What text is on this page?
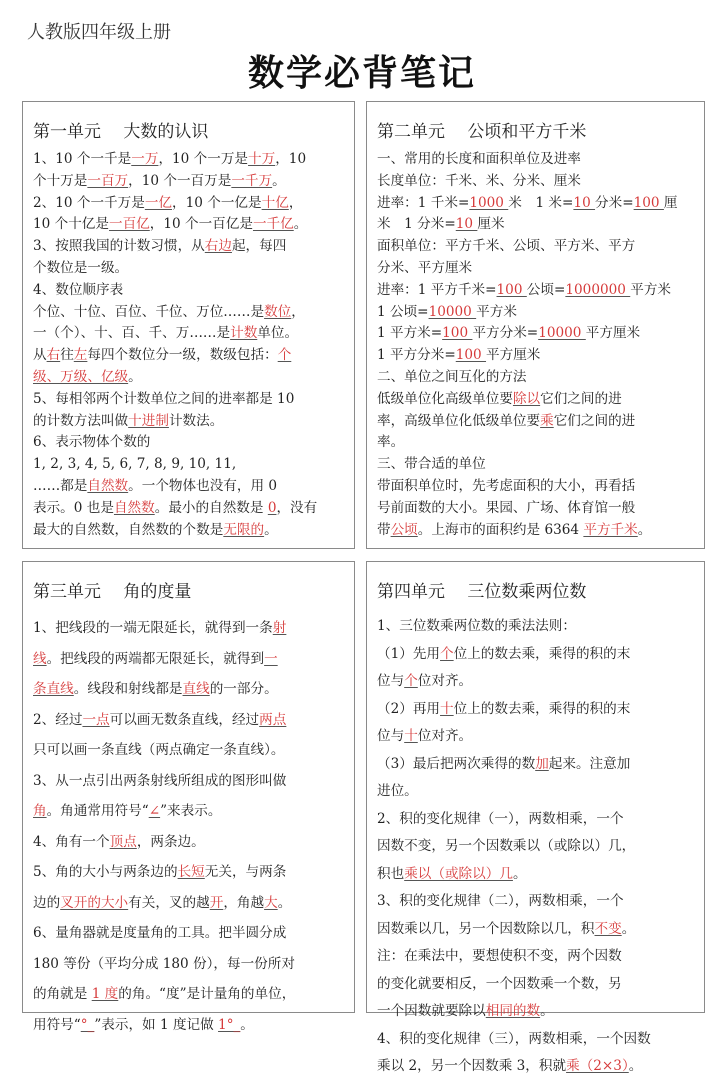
人教版四年级上册
数学必背笔记
第一单元　 大数的认识
1、10 个一千是一万，10 个一万是十万，10
个十万是一百万，10 个一百万是一千万。
2、10 个一千万是一亿，10 个一亿是十亿，
10 个十亿是一百亿，10 个一百亿是一千亿。
3、按照我国的计数习惯，从右边起，每四
个数位是一级。
4、数位顺序表
个位、十位、百位、千位、万位……是数位，
一（个）、十、百、千、万……是计数单位。
从右往左每四个数位分一级，数级包括：个
级、万级、亿级。
5、每相邻两个计数单位之间的进率都是 10
的计数方法叫做十进制计数法。
6、表示物体个数的
1, 2, 3, 4, 5, 6, 7, 8, 9, 10, 11,
……都是自然数。一个物体也没有，用 0
表示。0 也是自然数。最小的自然数是 0，没有
最大的自然数，自然数的个数是无限的。
第二单元　 公顷和平方千米
一、常用的长度和面积单位及进率
长度单位：千米、米、分米、厘米
进率：1 千米=1000 米　1 米=10 分米=100 厘
米　1 分米=10 厘米
面积单位：平方千米、公顷、平方米、平方
分米、平方厘米
进率：1 平方千米=100 公顷=1000000 平方米
1 公顷=10000 平方米
1 平方米=100 平方分米=10000 平方厘米
1 平方分米=100 平方厘米
二、单位之间互化的方法
低级单位化高级单位要除以它们之间的进
率，高级单位化低级单位要乘它们之间的进
率。
三、带合适的单位
带面积单位时，先考虑面积的大小，再看括
号前面数的大小。果园、广场、体育馆一般
带公顷。上海市的面积约是 6364 平方千米。
第三单元　 角的度量
1、把线段的一端无限延长，就得到一条射
线。把线段的两端都无限延长，就得到一
条直线。线段和射线都是直线的一部分。
2、经过一点可以画无数条直线，经过两点
只可以画一条直线（两点确定一条直线）。
3、从一点引出两条射线所组成的图形叫做
角。角通常用符号“∠”来表示。
4、角有一个顶点，两条边。
5、角的大小与两条边的长短无关，与两条
边的叉开的大小有关，叉的越开，角越大。
6、量角器就是度量角的工具。把半圆分成
180 等份（平均分成 180 份），每一份所对
的角就是 1 度的角。“度”是计量角的单位，
用符号“°_”表示，如 1 度记做 1°_。
第四单元　 三位数乘两位数
1、三位数乘两位数的乘法法则：
（1）先用个位上的数去乘，乘得的积的末
位与个位对齐。
（2）再用十位上的数去乘，乘得的积的末
位与十位对齐。
（3）最后把两次乘得的数加起来。注意加
进位。
2、积的变化规律（一），两数相乘，一个
因数不变，另一个因数乘以（或除以）几，
积也乘以（或除以）几。
3、积的变化规律（二），两数相乘，一个
因数乘以几，另一个因数除以几，积不变。
注：在乘法中，要想使积不变，两个因数
的变化就要相反，一个因数乘一个数，另
一个因数就要除以相同的数。
4、积的变化规律（三），两数相乘，一个因数
乘以 2，另一个因数乘 3，积就乘（2×3）。
